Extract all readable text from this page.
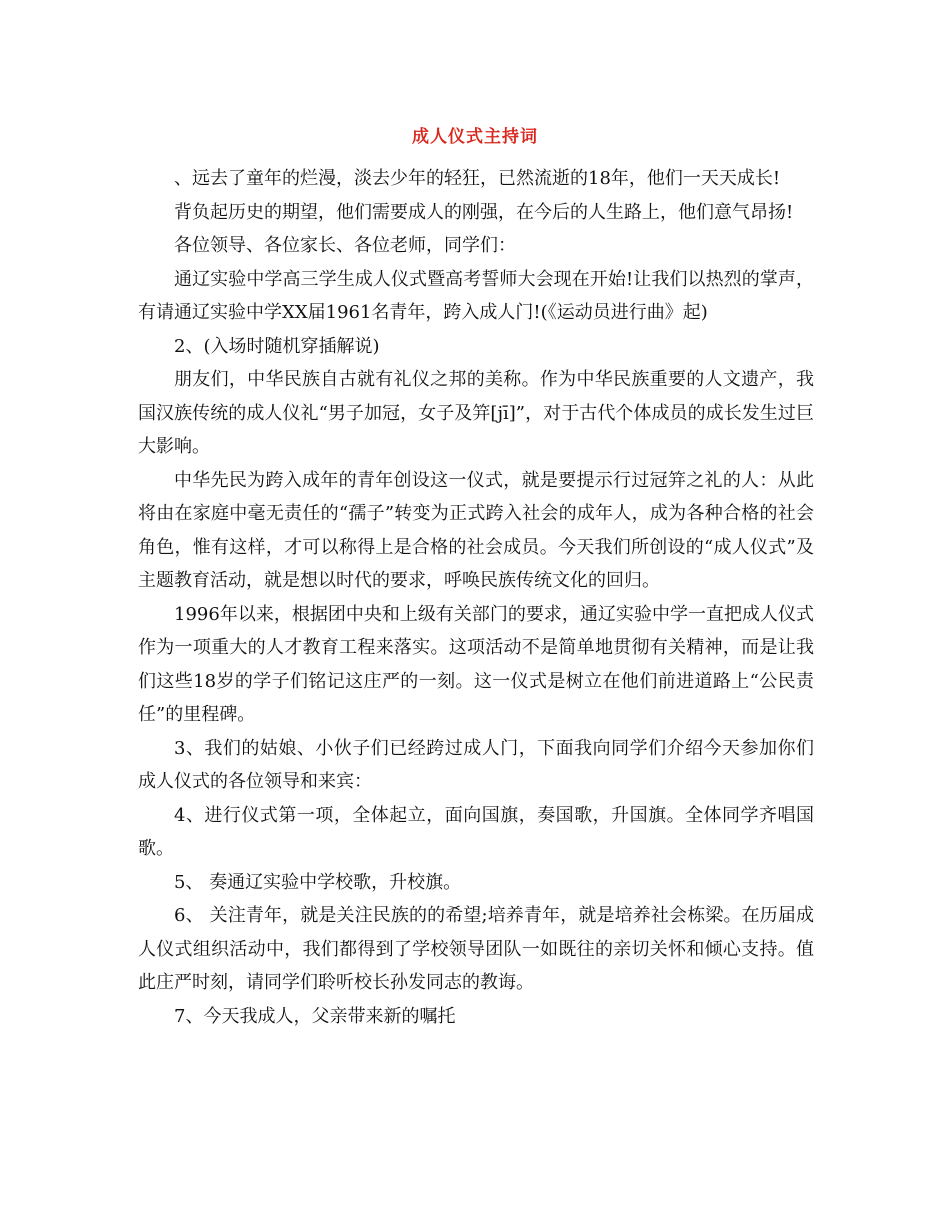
成人仪式主持词

、远去了童年的烂漫，淡去少年的轻狂，已然流逝的18年，他们一天天成长!

背负起历史的期望，他们需要成人的刚强，在今后的人生路上，他们意气昂扬!

各位领导、各位家长、各位老师，同学们：

通辽实验中学高三学生成人仪式暨高考誓师大会现在开始!让我们以热烈的掌声，有请通辽实验中学XX届1961名青年，跨入成人门!(《运动员进行曲》起)

2、(入场时随机穿插解说)

朋友们，中华民族自古就有礼仪之邦的美称。作为中华民族重要的人文遗产，我国汉族传统的成人仪礼“男子加冠，女子及笄[jī]”，对于古代个体成员的成长发生过巨大影响。

中华先民为跨入成年的青年创设这一仪式，就是要提示行过冠笄之礼的人：从此将由在家庭中毫无责任的“孺子”转变为正式跨入社会的成年人，成为各种合格的社会角色，惟有这样，才可以称得上是合格的社会成员。今天我们所创设的“成人仪式”及主题教育活动，就是想以时代的要求，呼唤民族传统文化的回归。

1996年以来，根据团中央和上级有关部门的要求，通辽实验中学一直把成人仪式作为一项重大的人才教育工程来落实。这项活动不是简单地贯彻有关精神，而是让我们这些18岁的学子们铭记这庄严的一刻。这一仪式是树立在他们前进道路上“公民责任”的里程碑。

3、我们的姑娘、小伙子们已经跨过成人门，下面我向同学们介绍今天参加你们成人仪式的各位领导和来宾：

4、进行仪式第一项，全体起立，面向国旗，奏国歌，升国旗。全体同学齐唱国歌。

5、 奏通辽实验中学校歌，升校旗。

6、 关注青年，就是关注民族的的希望;培养青年，就是培养社会栋梁。在历届成人仪式组织活动中，我们都得到了学校领导团队一如既往的亲切关怀和倾心支持。值此庄严时刻，请同学们聆听校长孙发同志的教诲。

7、今天我成人，父亲带来新的嘱托
